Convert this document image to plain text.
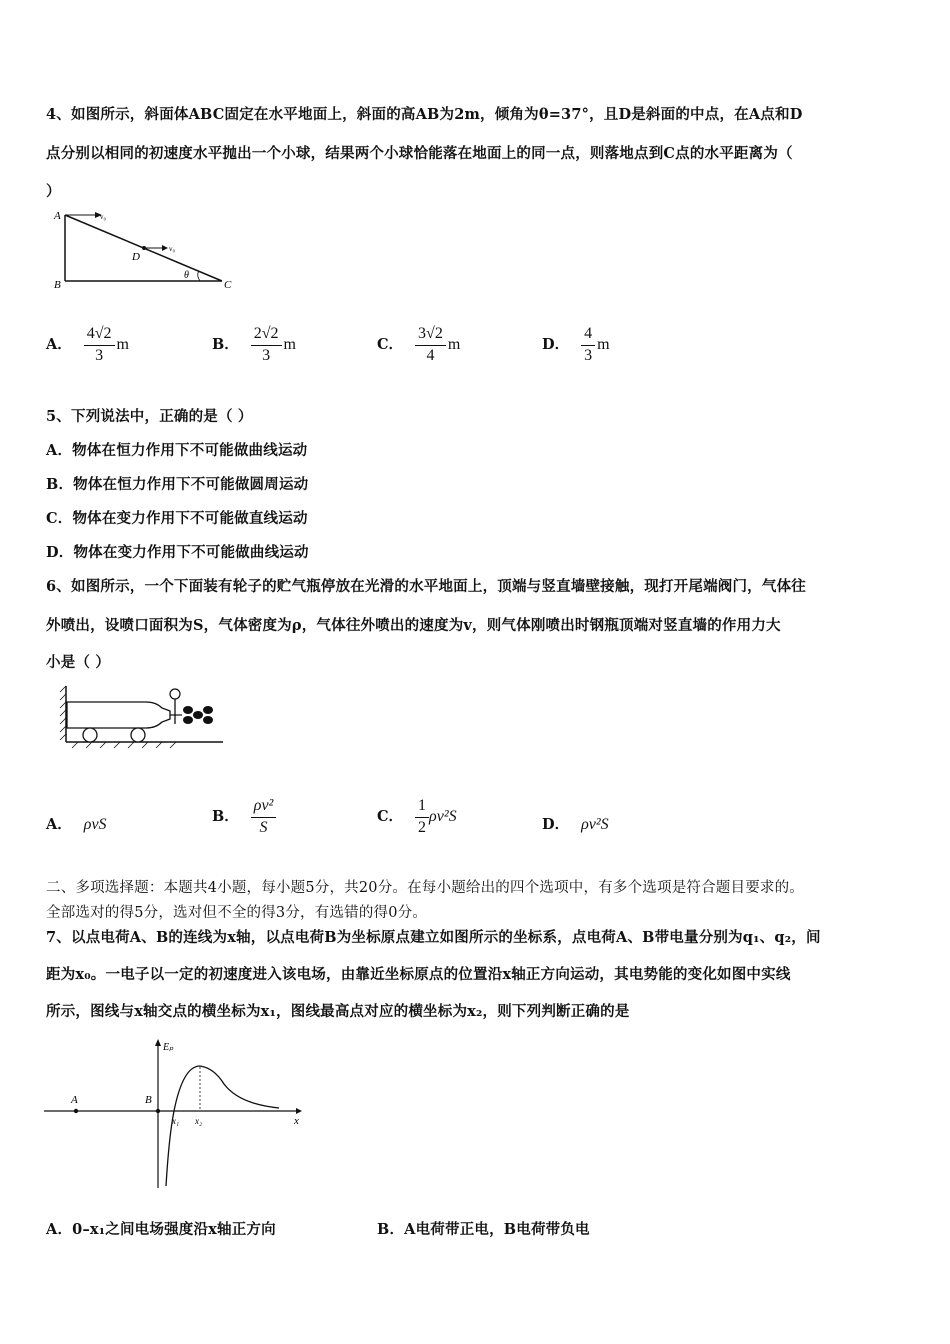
4、如图所示，斜面体ABC固定在水平地面上，斜面的高AB为2m，倾角为θ=37°，且D是斜面的中点，在A点和D
点分别以相同的初速度水平抛出一个小球，结果两个小球恰能落在地面上的同一点，则落地点到C点的水平距离为（
）
A
B	C
D
θ
v₀
v₀
A． $\frac{4√2}{3}$ m	B． $\frac{2√2}{3}$ m	C． $\frac{3√2}{4}$ m	D． $\frac{4}{3}$ m
5、下列说法中，正确的是（ ）
A．物体在恒力作用下不可能做曲线运动
B．物体在恒力作用下不可能做圆周运动
C．物体在变力作用下不可能做直线运动
D．物体在变力作用下不可能做曲线运动
6、如图所示，一个下面装有轮子的贮气瓶停放在光滑的水平地面上，顶端与竖直墙壁接触，现打开尾端阀门，气体往
外喷出，设喷口面积为S，气体密度为ρ，气体往外喷出的速度为v，则气体刚喷出时钢瓶顶端对竖直墙的作用力大
小是（ ）
A． ρvS	B． $\frac{\text{ρv²}}{S}$	C． $\frac{1}{2} \rho v^2S$	D． ρv²S
二、多项选择题：本题共4小题，每小题5分，共20分。在每小题给出的四个选项中，有多个选项是符合题目要求的。
全部选对的得5分，选对但不全的得3分，有选错的得0分。
7、以点电荷A、B的连线为x轴，以点电荷B为坐标原点建立如图所示的坐标系，点电荷A、B带电量分别为q₁、q₂，间
距为x₀。一电子以一定的初速度进入该电场，由靠近坐标原点的位置沿x轴正方向运动，其电势能的变化如图中实线
所示，图线与x轴交点的横坐标为x₁，图线最高点对应的横坐标为x₂，则下列判断正确的是
Eₚ
A	B
x
x₁ x₂
A．0–x₁之间电场强度沿x轴正方向	B．A电荷带正电，B电荷带负电
